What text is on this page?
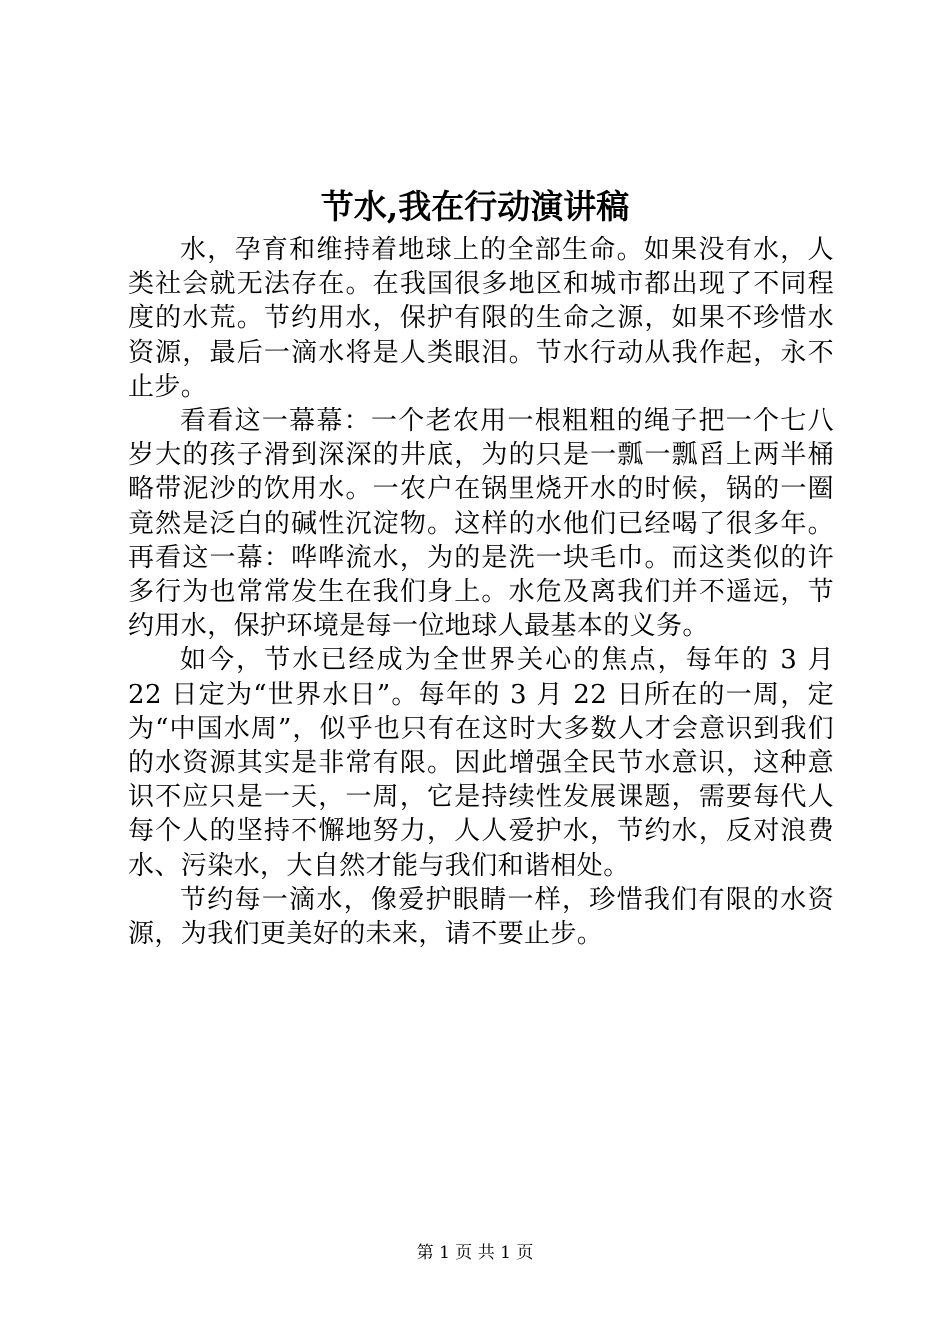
节水,我在行动演讲稿

水，孕育和维持着地球上的全部生命。如果没有水，人类社会就无法存在。在我国很多地区和城市都出现了不同程度的水荒。节约用水，保护有限的生命之源，如果不珍惜水资源，最后一滴水将是人类眼泪。节水行动从我作起，永不止步。

看看这一幕幕：一个老农用一根粗粗的绳子把一个七八岁大的孩子滑到深深的井底，为的只是一瓢一瓢舀上两半桶略带泥沙的饮用水。一农户在锅里烧开水的时候，锅的一圈竟然是泛白的碱性沉淀物。这样的水他们已经喝了很多年。再看这一幕：哗哗流水，为的是洗一块毛巾。而这类似的许多行为也常常发生在我们身上。水危及离我们并不遥远，节约用水，保护环境是每一位地球人最基本的义务。

如今，节水已经成为全世界关心的焦点，每年的 3 月 22 日定为“世界水日”。每年的 3 月 22 日所在的一周，定为“中国水周”，似乎也只有在这时大多数人才会意识到我们的水资源其实是非常有限。因此增强全民节水意识，这种意识不应只是一天，一周，它是持续性发展课题，需要每代人每个人的坚持不懈地努力，人人爱护水，节约水，反对浪费水、污染水，大自然才能与我们和谐相处。

节约每一滴水，像爱护眼睛一样，珍惜我们有限的水资源，为我们更美好的未来，请不要止步。

第 1 页 共 1 页
